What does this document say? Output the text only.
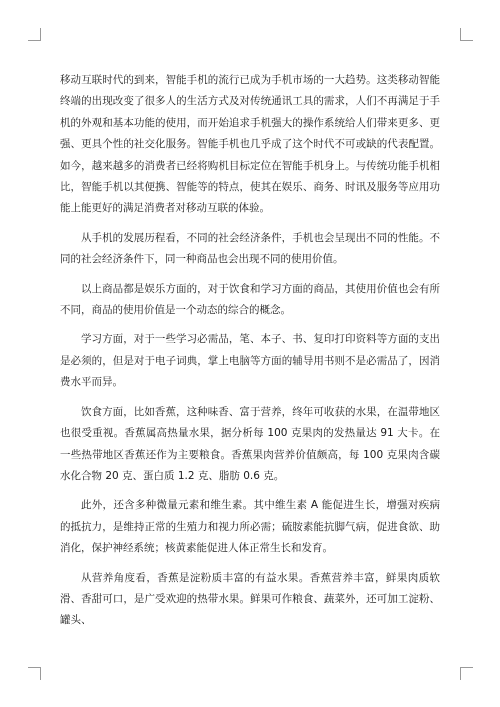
移动互联时代的到来，智能手机的流行已成为手机市场的一大趋势。这类移动智能终端的出现改变了很多人的生活方式及对传统通讯工具的需求，人们不再满足于手机的外观和基本功能的使用，而开始追求手机强大的操作系统给人们带来更多、更强、更具个性的社交化服务。智能手机也几乎成了这个时代不可或缺的代表配置。如今，越来越多的消费者已经将购机目标定位在智能手机身上。与传统功能手机相比，智能手机以其便携、智能等的特点，使其在娱乐、商务、时讯及服务等应用功能上能更好的满足消费者对移动互联的体验。

从手机的发展历程看，不同的社会经济条件，手机也会呈现出不同的性能。不同的社会经济条件下，同一种商品也会出现不同的使用价值。

以上商品都是娱乐方面的，对于饮食和学习方面的商品，其使用价值也会有所不同，商品的使用价值是一个动态的综合的概念。

学习方面，对于一些学习必需品，笔、本子、书、复印打印资料等方面的支出是必须的，但是对于电子词典，掌上电脑等方面的辅导用书则不是必需品了，因消费水平而异。

饮食方面，比如香蕉，这种味香、富于营养，终年可收获的水果，在温带地区也很受重视。香蕉属高热量水果，据分析每 100 克果肉的发热量达 91 大卡。在一些热带地区香蕉还作为主要粮食。香蕉果肉营养价值颇高，每 100 克果肉含碳水化合物 20 克、蛋白质 1.2 克、脂肪 0.6 克。

此外，还含多种微量元素和维生素。其中维生素 A 能促进生长，增强对疾病的抵抗力，是维持正常的生殖力和视力所必需；硫胺素能抗脚气病，促进食欲、助消化，保护神经系统；核黄素能促进人体正常生长和发育。

从营养角度看，香蕉是淀粉质丰富的有益水果。香蕉营养丰富，鲜果肉质软滑、香甜可口，是广受欢迎的热带水果。鲜果可作粮食、蔬菜外，还可加工淀粉、罐头、
